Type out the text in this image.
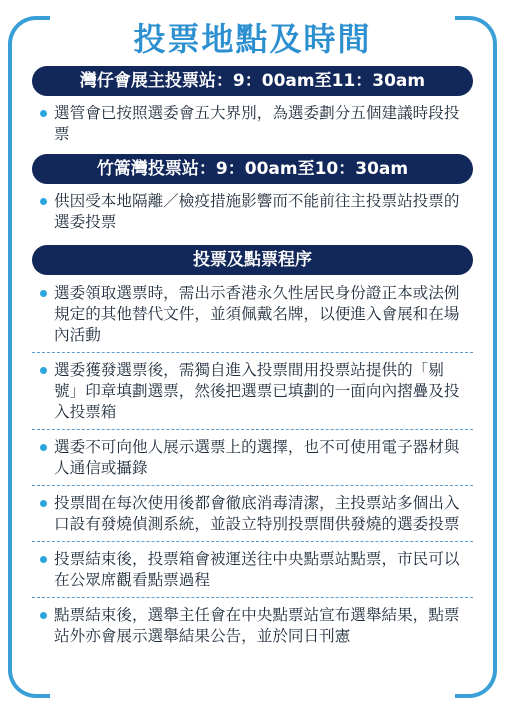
投票地點及時間
灣仔會展主投票站：9：00am至11：30am
選管會已按照選委會五大界別，為選委劃分五個建議時段投票
竹篙灣投票站：9：00am至10：30am
供因受本地隔離／檢疫措施影響而不能前往主投票站投票的選委投票
投票及點票程序
選委領取選票時，需出示香港永久性居民身份證正本或法例規定的其他替代文件，並須佩戴名牌，以便進入會展和在場內活動
選委獲發選票後，需獨自進入投票間用投票站提供的「剔號」印章填劃選票，然後把選票已填劃的一面向內摺疊及投入投票箱
選委不可向他人展示選票上的選擇，也不可使用電子器材與人通信或攝錄
投票間在每次使用後都會徹底消毒清潔，主投票站多個出入口設有發燒偵測系統，並設立特別投票間供發燒的選委投票
投票結束後，投票箱會被運送往中央點票站點票，市民可以在公眾席觀看點票過程
點票結束後，選舉主任會在中央點票站宣布選舉結果，點票站外亦會展示選舉結果公告，並於同日刊憲
